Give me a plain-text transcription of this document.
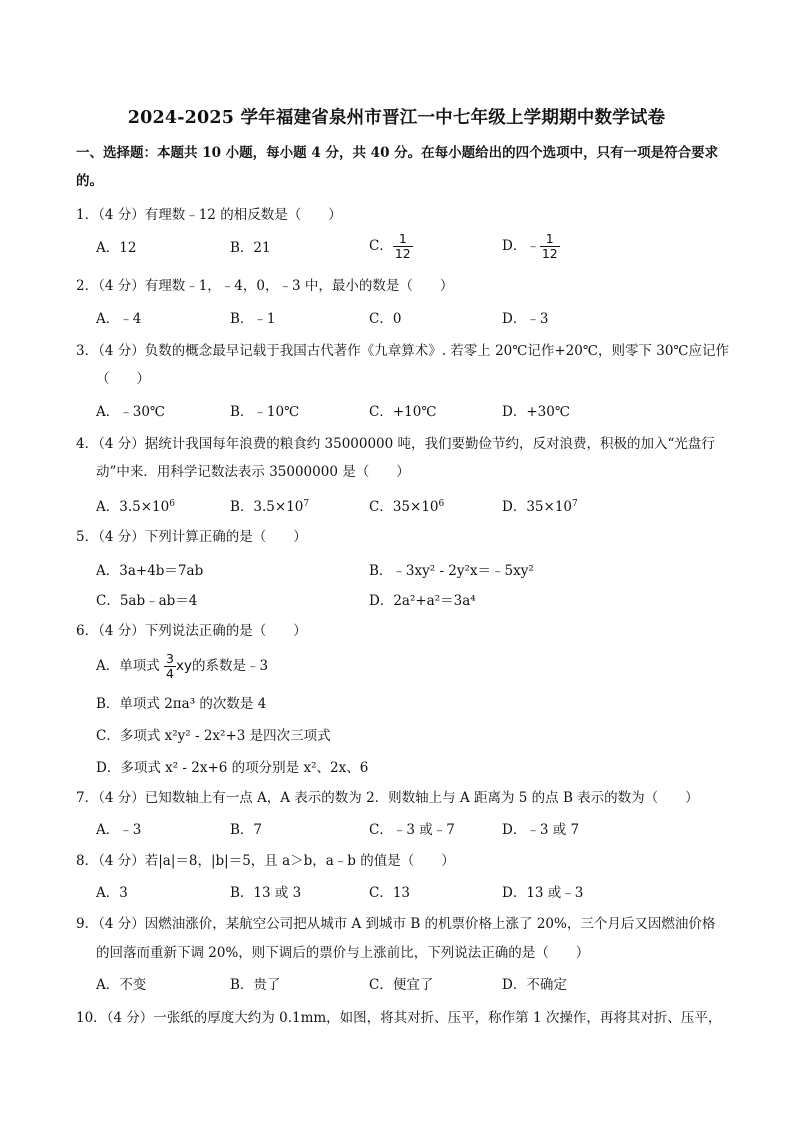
2024-2025 学年福建省泉州市晋江一中七年级上学期期中数学试卷
一、选择题：本题共 10 小题，每小题 4 分，共 40 分。在每小题给出的四个选项中，只有一项是符合要求
的。
1．（4 分）有理数﹣12 的相反数是（　　）
A．12	B．21	C． $\frac{1}{12}$	D．﹣ $\frac{1}{12}$
2．（4 分）有理数﹣1，﹣4，0，﹣3 中，最小的数是（　　）
A．﹣4	B．﹣1	C．0	D．﹣3
3．（4 分）负数的概念最早记载于我国古代著作《九章算术》. 若零上 20℃记作+20℃，则零下 30℃应记作
（　　）
A．﹣30℃	B．﹣10℃	C．+10℃	D．+30℃
4．（4 分）据统计我国每年浪费的粮食约 35000000 吨，我们要勤俭节约，反对浪费，积极的加入“光盘行
动”中来．用科学记数法表示 35000000 是（　　）
A．$3.5\times 10^6$	B．$3.5\times 10^7$	C．$35\times 10^6$	D．$35\times 10^7$
5．（4 分）下列计算正确的是（　　）
A．3a+4b＝7ab	B．﹣3xy² - 2y²x＝﹣5xy²
C．5ab﹣ab＝4	D．2a²+a²＝3a⁴
6．（4 分）下列说法正确的是（　　）
A．单项式 $\frac{3}{4}$ xy的系数是﹣3
B．单项式 2πa³ 的次数是 4
C．多项式 x²y² - 2x²+3 是四次三项式
D．多项式 x² - 2x+6 的项分别是 x²、2x、6
7．（4 分）已知数轴上有一点 A，A 表示的数为 2．则数轴上与 A 距离为 5 的点 B 表示的数为（　　）
A．﹣3	B．7	C．﹣3 或﹣7	D．﹣3 或 7
8．（4 分）若|a|＝8，|b|＝5，且 a＞b，a﹣b 的值是（　　）
A．3	B．13 或 3	C．13	D．13 或﹣3
9．（4 分）因燃油涨价，某航空公司把从城市 A 到城市 B 的机票价格上涨了 20%，三个月后又因燃油价格
的回落而重新下调 20%，则下调后的票价与上涨前比，下列说法正确的是（　　）
A．不变	B．贵了	C．便宜了	D．不确定
10．（4 分）一张纸的厚度大约为 0.1mm，如图，将其对折、压平，称作第 1 次操作，再将其对折、压平，
